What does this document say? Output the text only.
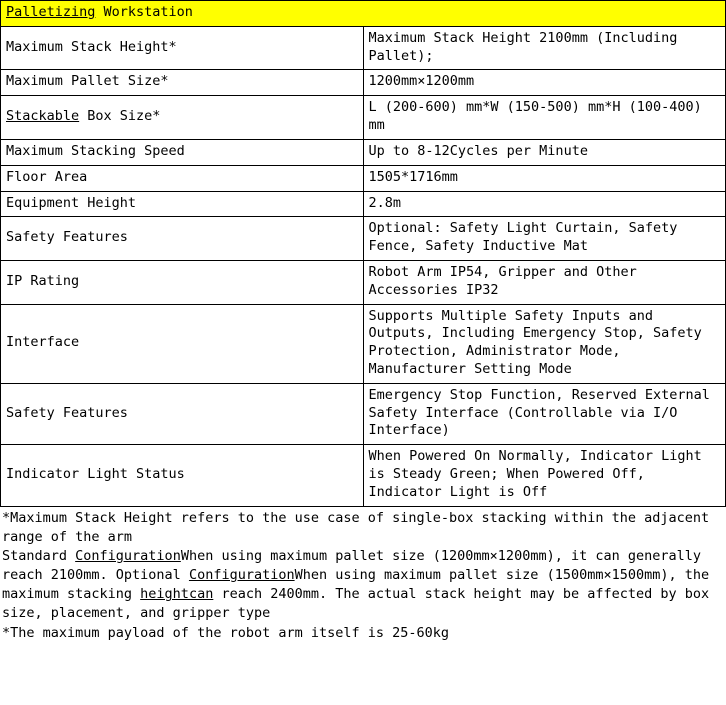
Palletizing Workstation	
Maximum Stack Height*	Maximum Stack Height 2100mm (Including Pallet);
Maximum Pallet Size*	1200mm×1200mm
Stackable Box Size*	L (200-600) mm*W (150-500) mm*H (100-400) mm
Maximum Stacking Speed	Up to 8-12Cycles per Minute
Floor Area	1505*1716mm
Equipment Height	2.8m
Safety Features	Optional: Safety Light Curtain, Safety Fence, Safety Inductive Mat
IP Rating	Robot Arm IP54, Gripper and Other Accessories IP32
Interface	Supports Multiple Safety Inputs and Outputs, Including Emergency Stop, Safety Protection, Administrator Mode, Manufacturer Setting Mode
Safety Features	Emergency Stop Function, Reserved External Safety Interface (Controllable via I/O Interface)
Indicator Light Status	When Powered On Normally, Indicator Light is Steady Green; When Powered Off, Indicator Light is Off

*Maximum Stack Height refers to the use case of single-box stacking within the adjacent range of the arm

Standard ConfigurationWhen using maximum pallet size (1200mm×1200mm), it can generally reach 2100mm. Optional ConfigurationWhen using maximum pallet size (1500mm×1500mm), the maximum stacking heightcan reach 2400mm. The actual stack height may be affected by box size, placement, and gripper type

*The maximum payload of the robot arm itself is 25-60kg
